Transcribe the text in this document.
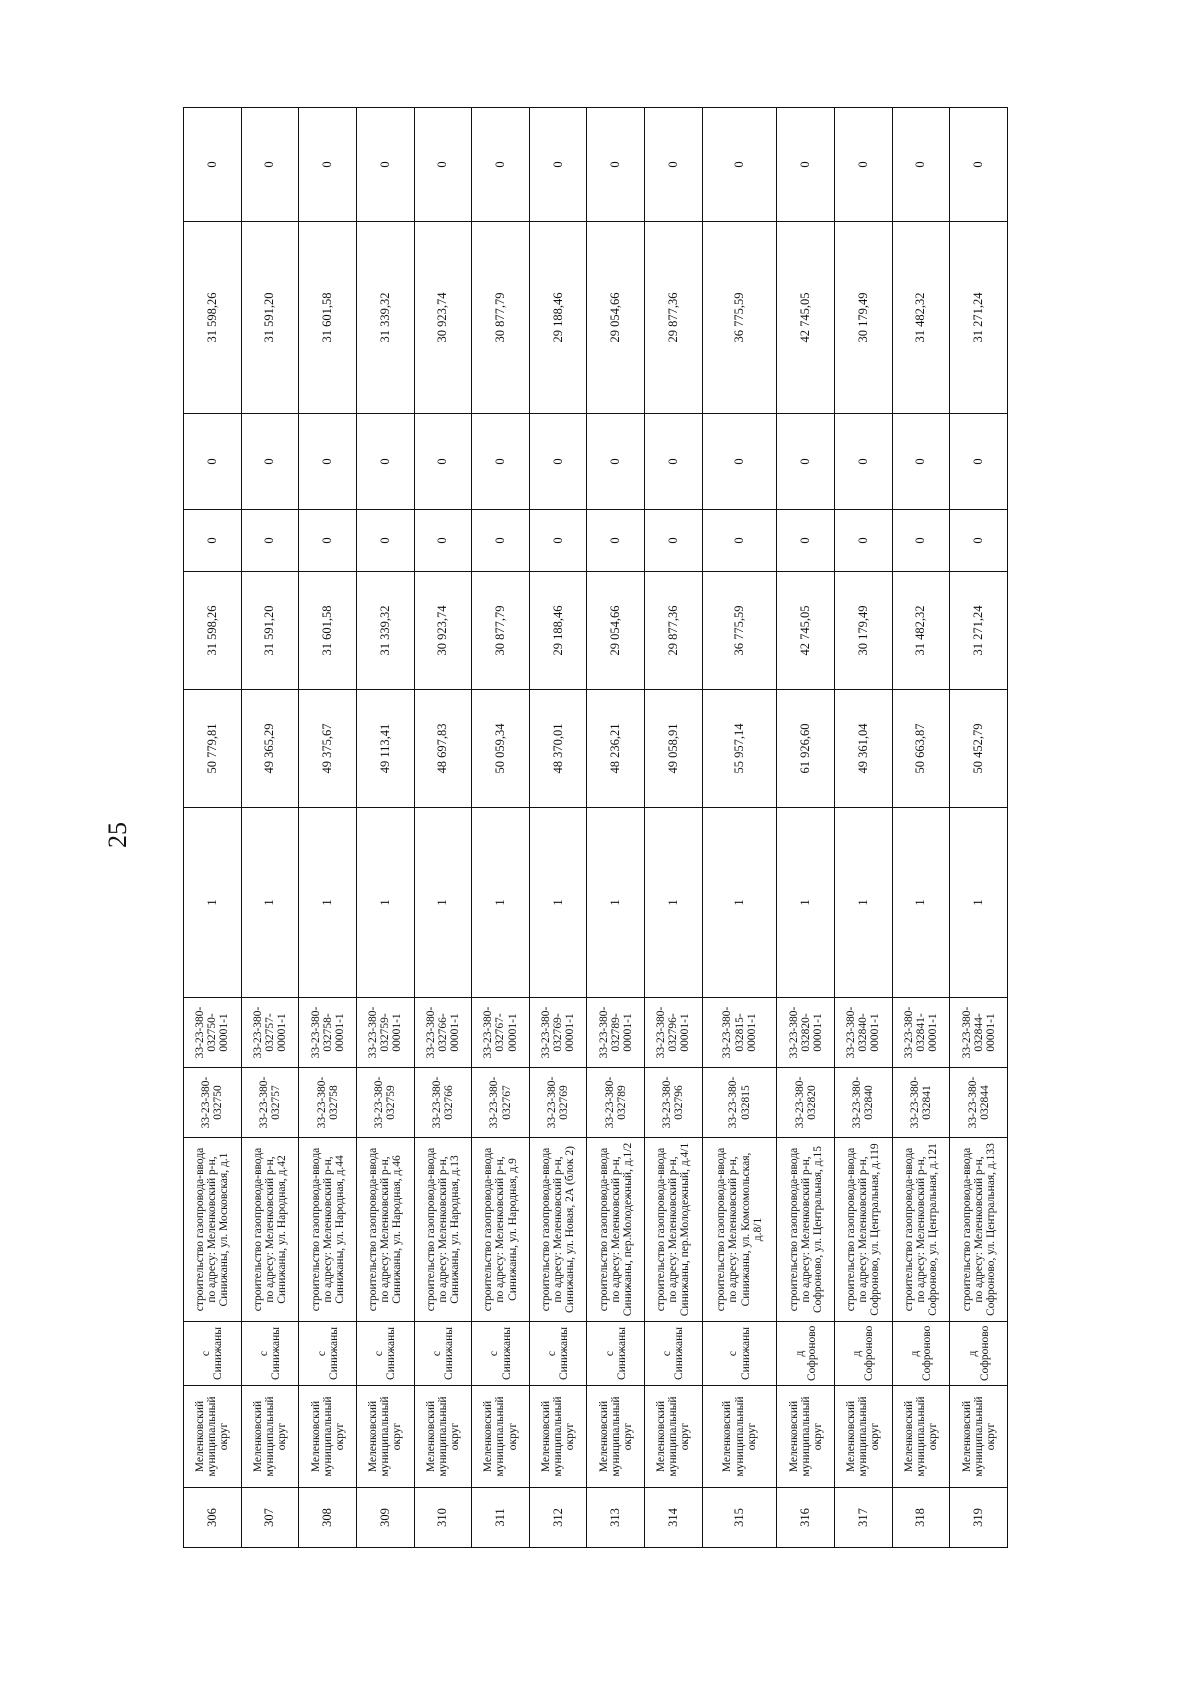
25
306	Меленковский муниципальный округ	с Синижаны	строительство газопровода-ввода по адресу: Меленковский р-н, Синижаны, ул. Московская, д.1	33-23-380-032750	33-23-380-032750-00001-1	1	50 779,81	31 598,26	0	0	31 598,26	0
307	Меленковский муниципальный округ	с Синижаны	строительство газопровода-ввода по адресу: Меленковский р-н, Синижаны, ул. Народная, д.42	33-23-380-032757	33-23-380-032757-00001-1	1	49 365,29	31 591,20	0	0	31 591,20	0
308	Меленковский муниципальный округ	с Синижаны	строительство газопровода-ввода по адресу: Меленковский р-н, Синижаны, ул. Народная, д.44	33-23-380-032758	33-23-380-032758-00001-1	1	49 375,67	31 601,58	0	0	31 601,58	0
309	Меленковский муниципальный округ	с Синижаны	строительство газопровода-ввода по адресу: Меленковский р-н, Синижаны, ул. Народная, д.46	33-23-380-032759	33-23-380-032759-00001-1	1	49 113,41	31 339,32	0	0	31 339,32	0
310	Меленковский муниципальный округ	с Синижаны	строительство газопровода-ввода по адресу: Меленковский р-н, Синижаны, ул. Народная, д.13	33-23-380-032766	33-23-380-032766-00001-1	1	48 697,83	30 923,74	0	0	30 923,74	0
311	Меленковский муниципальный округ	с Синижаны	строительство газопровода-ввода по адресу: Меленковский р-н, Синижаны, ул. Народная, д.9	33-23-380-032767	33-23-380-032767-00001-1	1	50 059,34	30 877,79	0	0	30 877,79	0
312	Меленковский муниципальный округ	с Синижаны	строительство газопровода-ввода по адресу: Меленковский р-н, Синижаны, ул. Новая, 2А (блок 2)	33-23-380-032769	33-23-380-032769-00001-1	1	48 370,01	29 188,46	0	0	29 188,46	0
313	Меленковский муниципальный округ	с Синижаны	строительство газопровода-ввода по адресу: Меленковский р-н, Синижаны, пер.Молодежный, д.1/2	33-23-380-032789	33-23-380-032789-00001-1	1	48 236,21	29 054,66	0	0	29 054,66	0
314	Меленковский муниципальный округ	с Синижаны	строительство газопровода-ввода по адресу: Меленковский р-н, Синижаны, пер.Молодежный, д.4/1	33-23-380-032796	33-23-380-032796-00001-1	1	49 058,91	29 877,36	0	0	29 877,36	0
315	Меленковский муниципальный округ	с Синижаны	строительство газопровода-ввода по адресу: Меленковский р-н, Синижаны, ул. Комсомольская, д.8/1	33-23-380-032815	33-23-380-032815-00001-1	1	55 957,14	36 775,59	0	0	36 775,59	0
316	Меленковский муниципальный округ	д Софроново	строительство газопровода-ввода по адресу: Меленковский р-н, Софроново, ул. Центральная, д.15	33-23-380-032820	33-23-380-032820-00001-1	1	61 926,60	42 745,05	0	0	42 745,05	0
317	Меленковский муниципальный округ	д Софроново	строительство газопровода-ввода по адресу: Меленковский р-н, Софроново, ул. Центральная, д.119	33-23-380-032840	33-23-380-032840-00001-1	1	49 361,04	30 179,49	0	0	30 179,49	0
318	Меленковский муниципальный округ	д Софроново	строительство газопровода-ввода по адресу: Меленковский р-н, Софроново, ул. Центральная, д.121	33-23-380-032841	33-23-380-032841-00001-1	1	50 663,87	31 482,32	0	0	31 482,32	0
319	Меленковский муниципальный округ	д Софроново	строительство газопровода-ввода по адресу: Меленковский р-н, Софроново, ул. Центральная, д.133	33-23-380-032844	33-23-380-032844-00001-1	1	50 452,79	31 271,24	0	0	31 271,24	0
